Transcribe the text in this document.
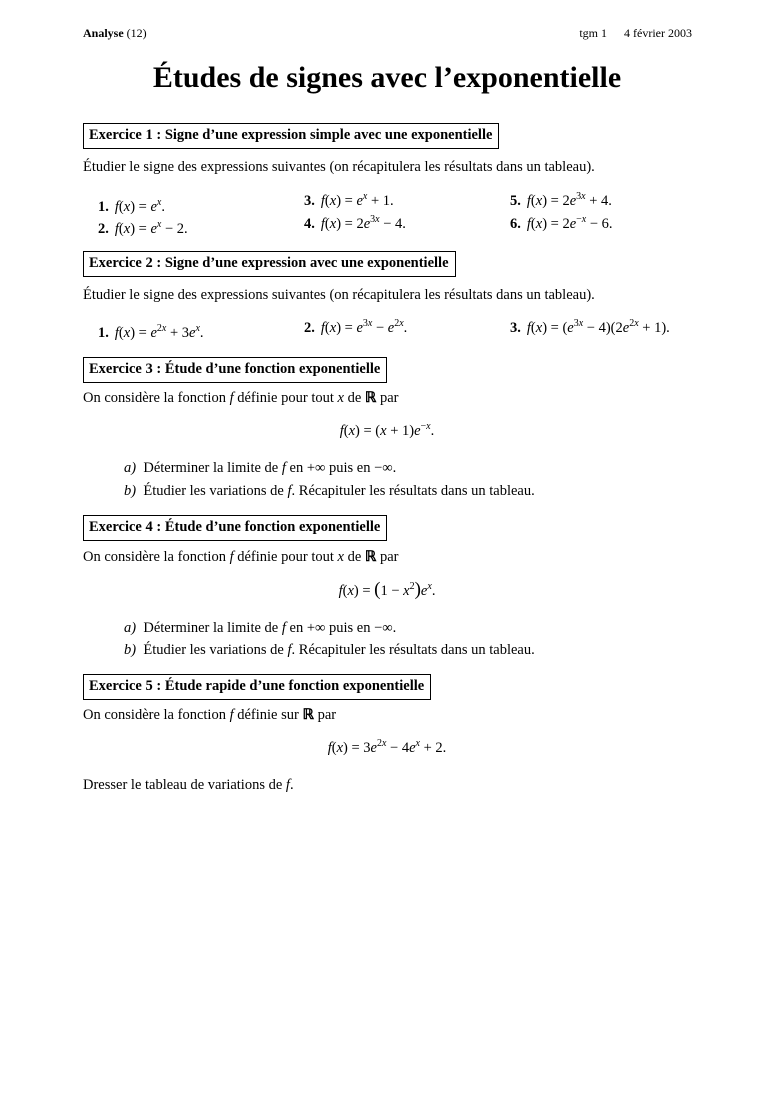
Analyse (12)	tgm 1 4 février 2003
Études de signes avec l’exponentielle
Exercice 1 : Signe d’une expression simple avec une exponentielle
Étudier le signe des expressions suivantes (on récapitulera les résultats dans un tableau).
1. $f(x) = e^x$.
2. $f(x) = e^x - 2$.
3. $f(x) = e^x + 1$.
4. $f(x) = 2e^{3x} - 4$.
5. $f(x) = 2e^{3x} + 4$.
6. $f(x) = 2e^{-x} - 6$.
Exercice 2 : Signe d’une expression avec une exponentielle
Étudier le signe des expressions suivantes (on récapitulera les résultats dans un tableau).
1. $f(x) = e^{2x} + 3e^x$.	2. $f(x) = e^{3x} - e^{2x}$.	3. $f(x) = (e^{3x} - 4)(2e^{2x} + 1)$.
Exercice 3 : Étude d’une fonction exponentielle
On considère la fonction f définie pour tout x de ℝ par
$f(x) = (x + 1)e^{-x}$.
a) Déterminer la limite de f en +∞ puis en −∞.
b) Étudier les variations de f. Récapituler les résultats dans un tableau.
Exercice 4 : Étude d’une fonction exponentielle
On considère la fonction f définie pour tout x de ℝ par
$f(x) = (1 - x^2)e^x$.
a) Déterminer la limite de f en +∞ puis en −∞.
b) Étudier les variations de f. Récapituler les résultats dans un tableau.
Exercice 5 : Étude rapide d’une fonction exponentielle
On considère la fonction f définie sur ℝ par
$f(x) = 3e^{2x} - 4e^x + 2$.
Dresser le tableau de variations de f.
